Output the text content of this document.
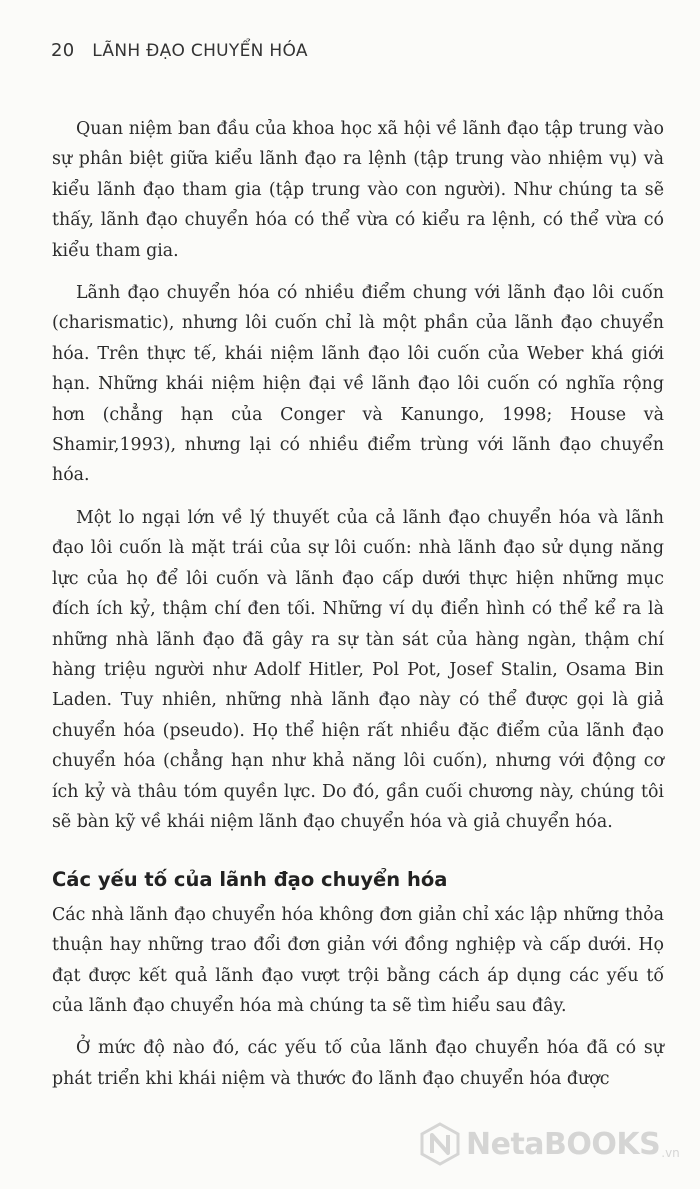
20 LÃNH ĐẠO CHUYỂN HÓA

Quan niệm ban đầu của khoa học xã hội về lãnh đạo tập trung vào sự phân biệt giữa kiểu lãnh đạo ra lệnh (tập trung vào nhiệm vụ) và kiểu lãnh đạo tham gia (tập trung vào con người). Như chúng ta sẽ thấy, lãnh đạo chuyển hóa có thể vừa có kiểu ra lệnh, có thể vừa có kiểu tham gia.

Lãnh đạo chuyển hóa có nhiều điểm chung với lãnh đạo lôi cuốn (charismatic), nhưng lôi cuốn chỉ là một phần của lãnh đạo chuyển hóa. Trên thực tế, khái niệm lãnh đạo lôi cuốn của Weber khá giới hạn. Những khái niệm hiện đại về lãnh đạo lôi cuốn có nghĩa rộng hơn (chẳng hạn của Conger và Kanungo, 1998; House và Shamir,1993), nhưng lại có nhiều điểm trùng với lãnh đạo chuyển hóa.

Một lo ngại lớn về lý thuyết của cả lãnh đạo chuyển hóa và lãnh đạo lôi cuốn là mặt trái của sự lôi cuốn: nhà lãnh đạo sử dụng năng lực của họ để lôi cuốn và lãnh đạo cấp dưới thực hiện những mục đích ích kỷ, thậm chí đen tối. Những ví dụ điển hình có thể kể ra là những nhà lãnh đạo đã gây ra sự tàn sát của hàng ngàn, thậm chí hàng triệu người như Adolf Hitler, Pol Pot, Josef Stalin, Osama Bin Laden. Tuy nhiên, những nhà lãnh đạo này có thể được gọi là giả chuyển hóa (pseudo). Họ thể hiện rất nhiều đặc điểm của lãnh đạo chuyển hóa (chẳng hạn như khả năng lôi cuốn), nhưng với động cơ ích kỷ và thâu tóm quyền lực. Do đó, gần cuối chương này, chúng tôi sẽ bàn kỹ về khái niệm lãnh đạo chuyển hóa và giả chuyển hóa.

Các yếu tố của lãnh đạo chuyển hóa

Các nhà lãnh đạo chuyển hóa không đơn giản chỉ xác lập những thỏa thuận hay những trao đổi đơn giản với đồng nghiệp và cấp dưới. Họ đạt được kết quả lãnh đạo vượt trội bằng cách áp dụng các yếu tố của lãnh đạo chuyển hóa mà chúng ta sẽ tìm hiểu sau đây.

Ở mức độ nào đó, các yếu tố của lãnh đạo chuyển hóa đã có sự phát triển khi khái niệm và thước đo lãnh đạo chuyển hóa được

NetaBOOKS .vn
